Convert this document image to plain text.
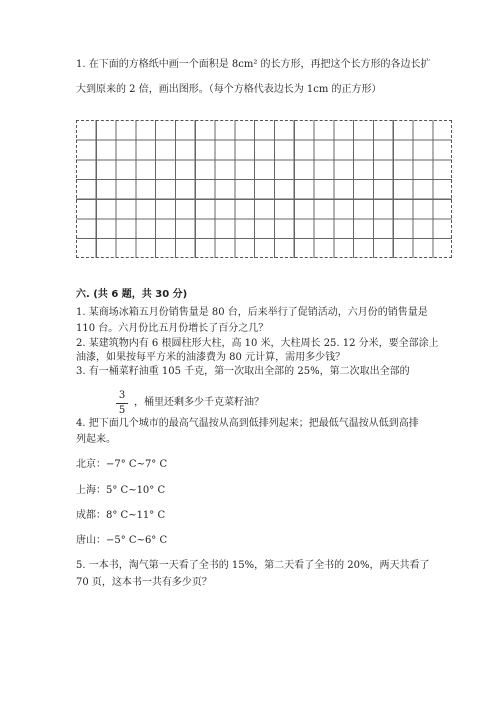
1. 在下面的方格纸中画一个面积是 8cm² 的长方形，再把这个长方形的各边长扩
大到原来的 2 倍，画出图形。（每个方格代表边长为 1cm 的正方形）
六. (共 6 题，共 30 分)
1. 某商场冰箱五月份销售量是 80 台，后来举行了促销活动，六月份的销售量是
110 台。六月份比五月份增长了百分之几？
2. 某建筑物内有 6 根圆柱形大柱，高 10 米，大柱周长 25. 12 分米，要全部涂上
油漆，如果按每平方米的油漆费为 80 元计算，需用多少钱？
3. 有一桶菜籽油重 105 千克，第一次取出全部的 25%，第二次取出全部的
3
5
，桶里还剩多少千克菜籽油？
4. 把下面几个城市的最高气温按从高到低排列起来；把最低气温按从低到高排
列起来。
北京：−7° C~7° C
上海：5° C~10° C
成都：8° C~11° C
唐山：−5° C~6° C
5. 一本书，淘气第一天看了全书的 15%，第二天看了全书的 20%，两天共看了
70 页，这本书一共有多少页？
